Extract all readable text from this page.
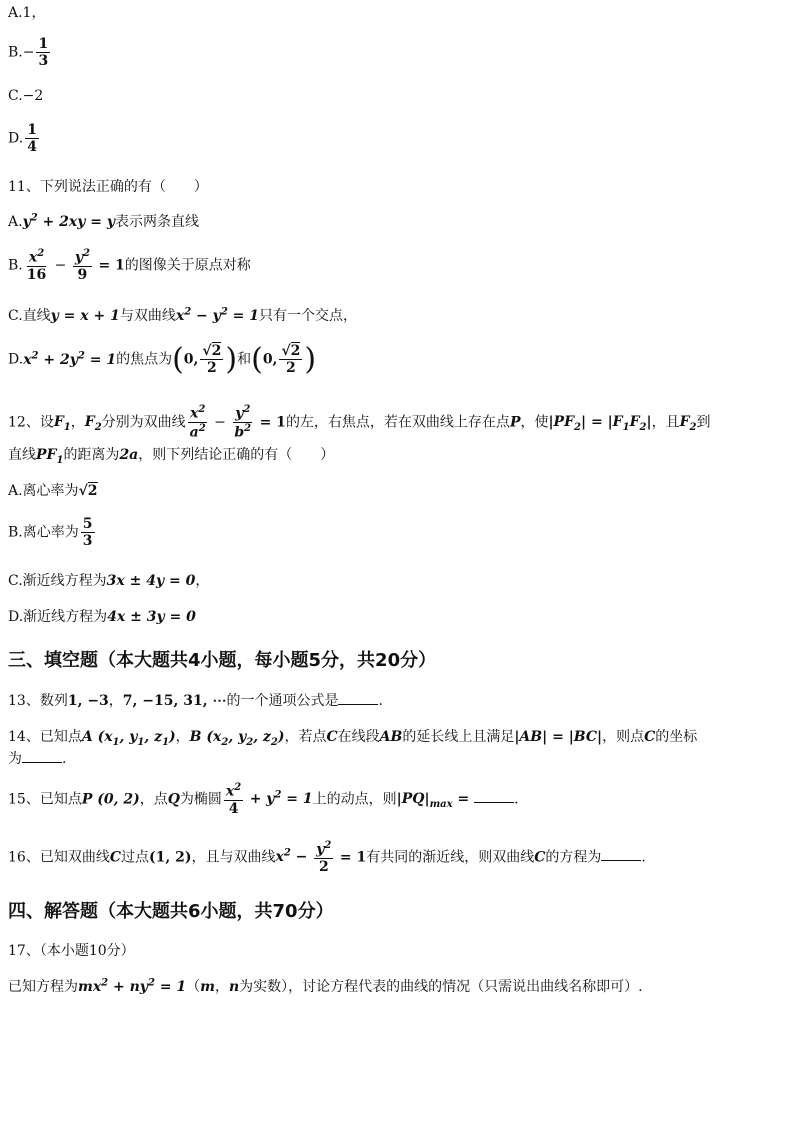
A.1，
$B.- \frac{1}{3}$
C.−2
D. $\frac{1}{4}$
11、下列说法正确的有（　　）
$A.y^2 + 2xy = y$表示两条直线
B. $\frac{x^2}{16} - \frac{y^2}{9} = 1$的图像关于原点对称
C.直线y = x + 1与双曲线$x^2 - y^2 = 1$只有一个交点，
$D.x^2 + 2y^2 = 1$的焦点为(0, $\frac{√2}{2}$ )和(0, $\frac{√2}{2}$ )
12、设$F_1$，$F_2$分别为双曲线 $\frac{x^2}{a^2} - \frac{y^2}{b^2} = 1$的左，右焦点，若在双曲线上存在点P，使$|PF_2| = |F_1F_2|$，且$F_2$到
直线$PF_1$的距离为2a，则下列结论正确的有（　　）
A.离心率为√2
B.离心率为 $\frac{5}{3}$
C.渐近线方程为3x ± 4y = 0，
D.渐近线方程为4x ± 3y = 0
三、填空题（本大题共4小题，每小题5分，共20分）
13、数列1, −3，7, −15, 31, ⋯的一个通项公式是	.
14、已知点A ($x_1$, $y_1$, $z_1$)，B ($x_2$, $y_2$, $z_2$)，若点C在线段AB的延长线上且满足|AB| = |BC|，则点C的坐标
为	.
15、已知点P (0, 2)，点Q为椭圆 $\frac{x^2}{4} + y^2 = 1$上的动点，则$|PQ|_{max}$ =	.
16、已知双曲线C过点(1, 2)，且与双曲线$x^2 - \frac{y^2}{2} = 1$有共同的渐近线，则双曲线C的方程为	.
四、解答题（本大题共6小题，共70分）
17、（本小题10分）
已知方程为$mx^2 + ny^2 = 1(m$，n为实数），讨论方程代表的曲线的情况（只需说出曲线名称即可）.
